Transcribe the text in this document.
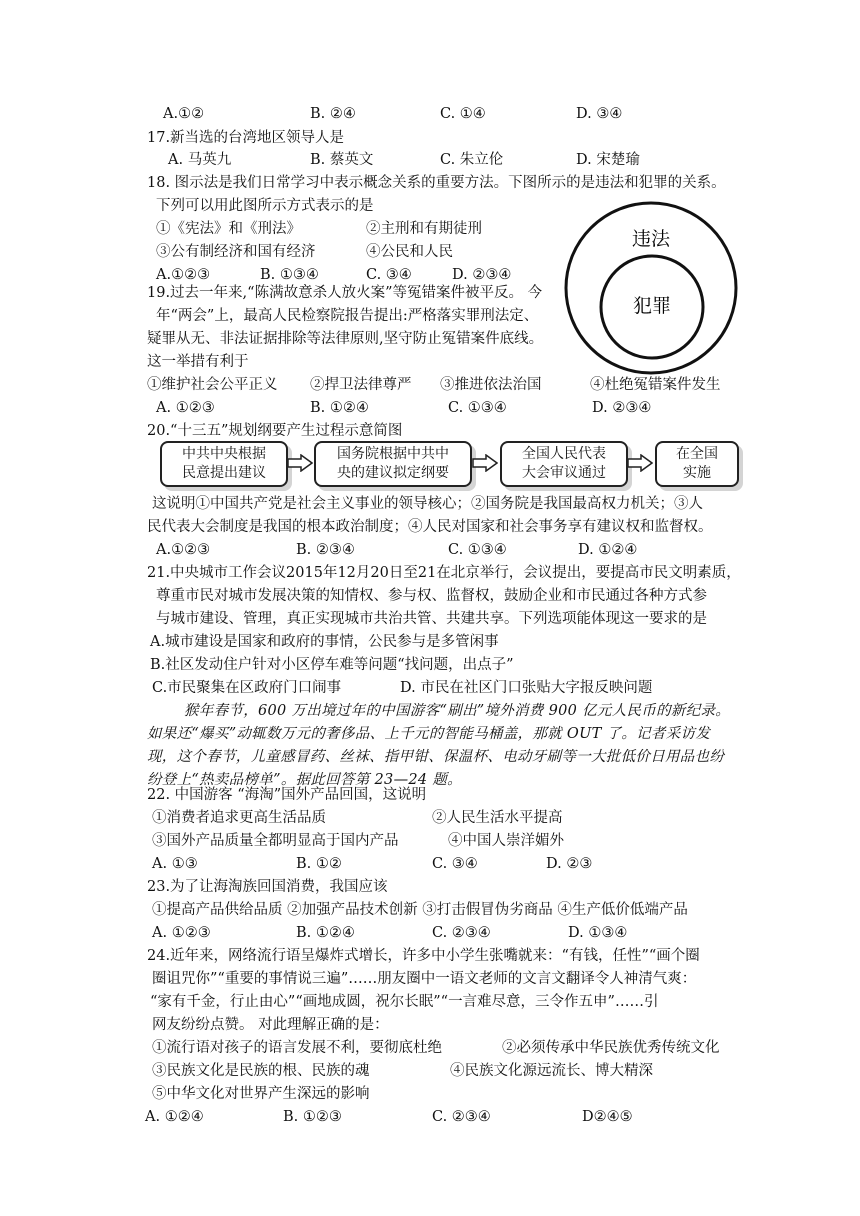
A.①②	B. ②④	C. ①④	D. ③④
17.新当选的台湾地区领导人是
A. 马英九	B. 蔡英文	C. 朱立伦	D. 宋楚瑜
18. 图示法是我们日常学习中表示概念关系的重要方法。下图所示的是违法和犯罪的关系。
下列可以用此图所示方式表示的是
①《宪法》和《刑法》	②主刑和有期徒刑
③公有制经济和国有经济	④公民和人民
A.①②③	B. ①③④	C. ③④	D. ②③④
违法
犯罪
19.过去一年来,“陈满故意杀人放火案”等冤错案件被平反。 今
年“两会”上，最高人民检察院报告提出:严格落实罪刑法定、
疑罪从无、非法证据排除等法律原则,坚守防止冤错案件底线。
这一举措有利于
①维护社会公平正义 ②捍卫法律尊严 ③推进依法治国	④杜绝冤错案件发生
A. ①②③	B. ①②④	C. ①③④	D. ②③④
20.“十三五”规划纲要产生过程示意简图
中共中央根据
民意提出建议
国务院根据中共中
央的建议拟定纲要
全国人民代表
大会审议通过
在全国
实施
这说明①中国共产党是社会主义事业的领导核心；②国务院是我国最高权力机关；③人
民代表大会制度是我国的根本政治制度；④人民对国家和社会事务享有建议权和监督权。
A.①②③	B. ②③④	C. ①③④	D. ①②④
21.中央城市工作会议2015年12月20日至21在北京举行，会议提出，要提高市民文明素质，
尊重市民对城市发展决策的知情权、参与权、监督权，鼓励企业和市民通过各种方式参
与城市建设、管理，真正实现城市共治共管、共建共享。下列选项能体现这一要求的是
A.城市建设是国家和政府的事情，公民参与是多管闲事
B.社区发动住户针对小区停车难等问题“找问题，出点子”
C.市民聚集在区政府门口闹事	D. 市民在社区门口张贴大字报反映问题
猴年春节，600 万出境过年的中国游客“刷出”境外消费 900 亿元人民币的新纪录。
如果还“爆买”动辄数万元的奢侈品、上千元的智能马桶盖，那就 OUT 了。记者采访发
现，这个春节，儿童感冒药、丝袜、指甲钳、保温杯、电动牙刷等一大批低价日用品也纷
纷登上“热卖品榜单”。据此回答第 23—24 题。
22. 中国游客 “海淘”国外产品回国，这说明
①消费者追求更高生活品质	②人民生活水平提高
③国外产品质量全都明显高于国内产品	④中国人崇洋媚外
A. ①③	B. ①②	C. ③④	D. ②③
23.为了让海淘族回国消费，我国应该
①提高产品供给品质 ②加强产品技术创新 ③打击假冒伪劣商品 ④生产低价低端产品
A. ①②③	B. ①②④	C. ②③④	D. ①③④
24.近年来，网络流行语呈爆炸式增长，许多中小学生张嘴就来：“有钱，任性”“画个圈
圈诅咒你”“重要的事情说三遍”……朋友圈中一语文老师的文言文翻译令人神清气爽：
“家有千金，行止由心”“画地成圆，祝尔长眠”“一言难尽意，三令作五申”……引
网友纷纷点赞。 对此理解正确的是：
①流行语对孩子的语言发展不利，要彻底杜绝	②必须传承中华民族优秀传统文化
③民族文化是民族的根、民族的魂	④民族文化源远流长、博大精深
⑤中华文化对世界产生深远的影响
A. ①②④	B. ①②③	C. ②③④	D②④⑤
